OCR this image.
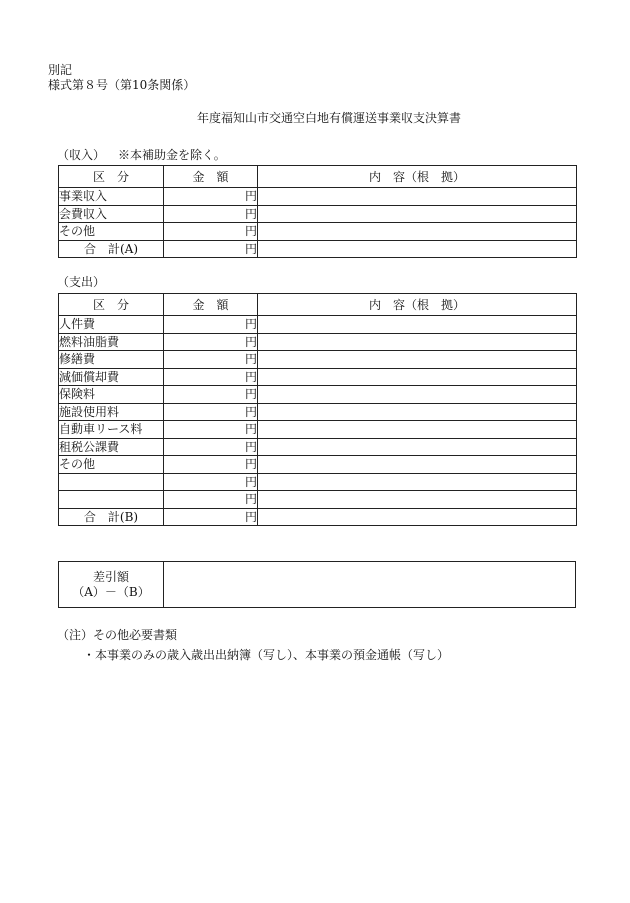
別記
様式第８号（第10条関係）
年度福知山市交通空白地有償運送事業収支決算書
（収入） ※本補助金を除く。
区　分	金　額	内　容（根　拠）
事業収入	円	
会費収入	円	
その他	円	
合　計(A)	円	
（支出）
区　分	金　額	内　容（根　拠）
人件費	円	
燃料油脂費	円	
修繕費	円	
減価償却費	円	
保険料	円	
施設使用料	円	
自動車リース料	円	
租税公課費	円	
その他	円	
	円	
	円	
合　計(B)	円	
差引額
（A）－（B）
（注）その他必要書類
・本事業のみの歳入歳出出納簿（写し）、本事業の預金通帳（写し）
